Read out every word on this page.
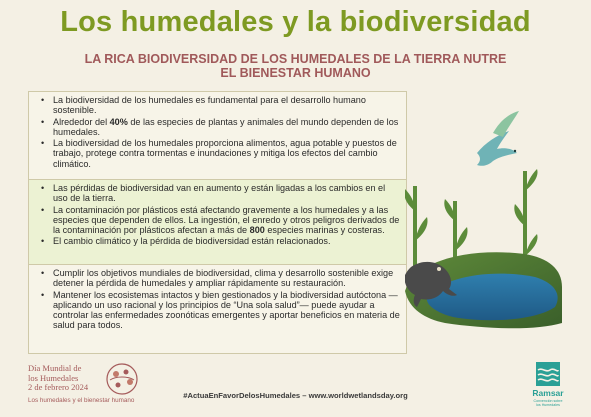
Los humedales y la biodiversidad
LA RICA BIODIVERSIDAD DE LOS HUMEDALES DE LA TIERRA NUTRE
EL BIENESTAR HUMANO
• La biodiversidad de los humedales es fundamental para el desarrollo humano sostenible.
• Alrededor del 40% de las especies de plantas y animales del mundo dependen de los humedales.
• La biodiversidad de los humedales proporciona alimentos, agua potable y puestos de trabajo, protege contra tormentas e inundaciones y mitiga los efectos del cambio climático.
• Las pérdidas de biodiversidad van en aumento y están ligadas a los cambios en el uso de la tierra.
• La contaminación por plásticos está afectando gravemente a los humedales y a las especies que dependen de ellos. La ingestión, el enredo y otros peligros derivados de la contaminación por plásticos afectan a más de 800 especies marinas y costeras.
• El cambio climático y la pérdida de biodiversidad están relacionados.
• Cumplir los objetivos mundiales de biodiversidad, clima y desarrollo sostenible exige detener la pérdida de humedales y ampliar rápidamente su restauración.
• Mantener los ecosistemas intactos y bien gestionados y la biodiversidad autóctona —aplicando un uso racional y los principios de “Una sola salud”— puede ayudar a controlar las enfermedades zoonóticas emergentes y aportar beneficios en materia de salud para todos.
Día Mundial de
los Humedales
2 de febrero 2024
Los humedales y el bienestar humano
#ActuaEnFavorDelosHumedales – www.worldwetlandsday.org	Ramsar
Convención sobre
los Humedales
